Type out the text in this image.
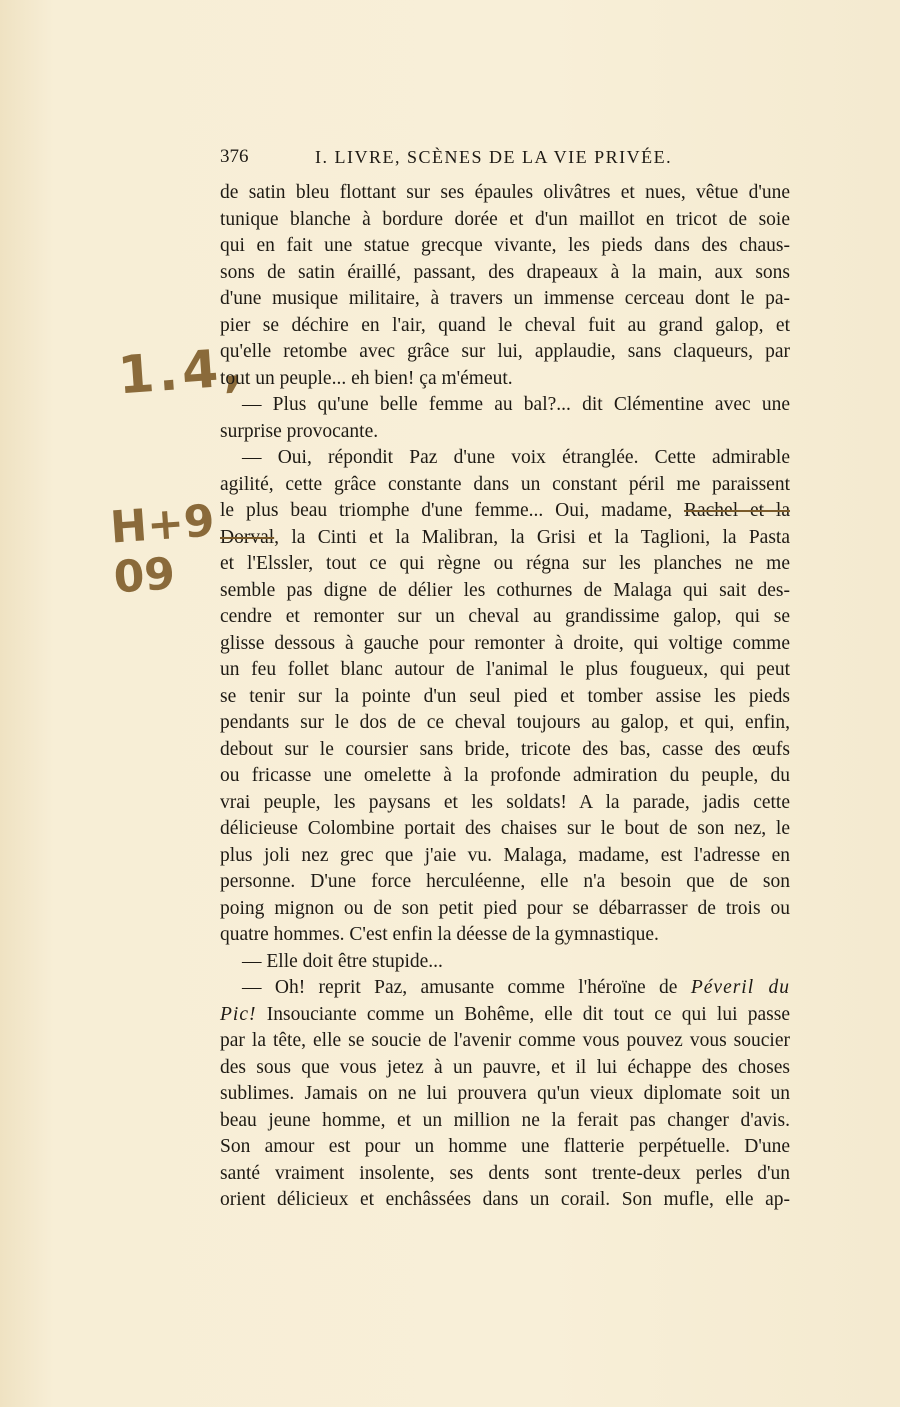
376	I. LIVRE, SCÈNES DE LA VIE PRIVÉE.
1.4,
H+9
09
de satin bleu flottant sur ses épaules olivâtres et nues, vêtue d'une
tunique blanche à bordure dorée et d'un maillot en tricot de soie
qui en fait une statue grecque vivante, les pieds dans des chaus-
sons de satin éraillé, passant, des drapeaux à la main, aux sons
d'une musique militaire, à travers un immense cerceau dont le pa-
pier se déchire en l'air, quand le cheval fuit au grand galop, et
qu'elle retombe avec grâce sur lui, applaudie, sans claqueurs, par
tout un peuple... eh bien! ça m'émeut.
— Plus qu'une belle femme au bal?... dit Clémentine avec une
surprise provocante.
— Oui, répondit Paz d'une voix étranglée. Cette admirable
agilité, cette grâce constante dans un constant péril me paraissent
le plus beau triomphe d'une femme... Oui, madame, Rachel et la
Dorval, la Cinti et la Malibran, la Grisi et la Taglioni, la Pasta
et l'Elssler, tout ce qui règne ou régna sur les planches ne me
semble pas digne de délier les cothurnes de Malaga qui sait des-
cendre et remonter sur un cheval au grandissime galop, qui se
glisse dessous à gauche pour remonter à droite, qui voltige comme
un feu follet blanc autour de l'animal le plus fougueux, qui peut
se tenir sur la pointe d'un seul pied et tomber assise les pieds
pendants sur le dos de ce cheval toujours au galop, et qui, enfin,
debout sur le coursier sans bride, tricote des bas, casse des œufs
ou fricasse une omelette à la profonde admiration du peuple, du
vrai peuple, les paysans et les soldats! A la parade, jadis cette
délicieuse Colombine portait des chaises sur le bout de son nez, le
plus joli nez grec que j'aie vu. Malaga, madame, est l'adresse en
personne. D'une force herculéenne, elle n'a besoin que de son
poing mignon ou de son petit pied pour se débarrasser de trois ou
quatre hommes. C'est enfin la déesse de la gymnastique.
— Elle doit être stupide...
— Oh! reprit Paz, amusante comme l'héroïne de Péveril du
Pic! Insouciante comme un Bohême, elle dit tout ce qui lui passe
par la tête, elle se soucie de l'avenir comme vous pouvez vous soucier
des sous que vous jetez à un pauvre, et il lui échappe des choses
sublimes. Jamais on ne lui prouvera qu'un vieux diplomate soit un
beau jeune homme, et un million ne la ferait pas changer d'avis.
Son amour est pour un homme une flatterie perpétuelle. D'une
santé vraiment insolente, ses dents sont trente-deux perles d'un
orient délicieux et enchâssées dans un corail. Son mufle, elle ap-
